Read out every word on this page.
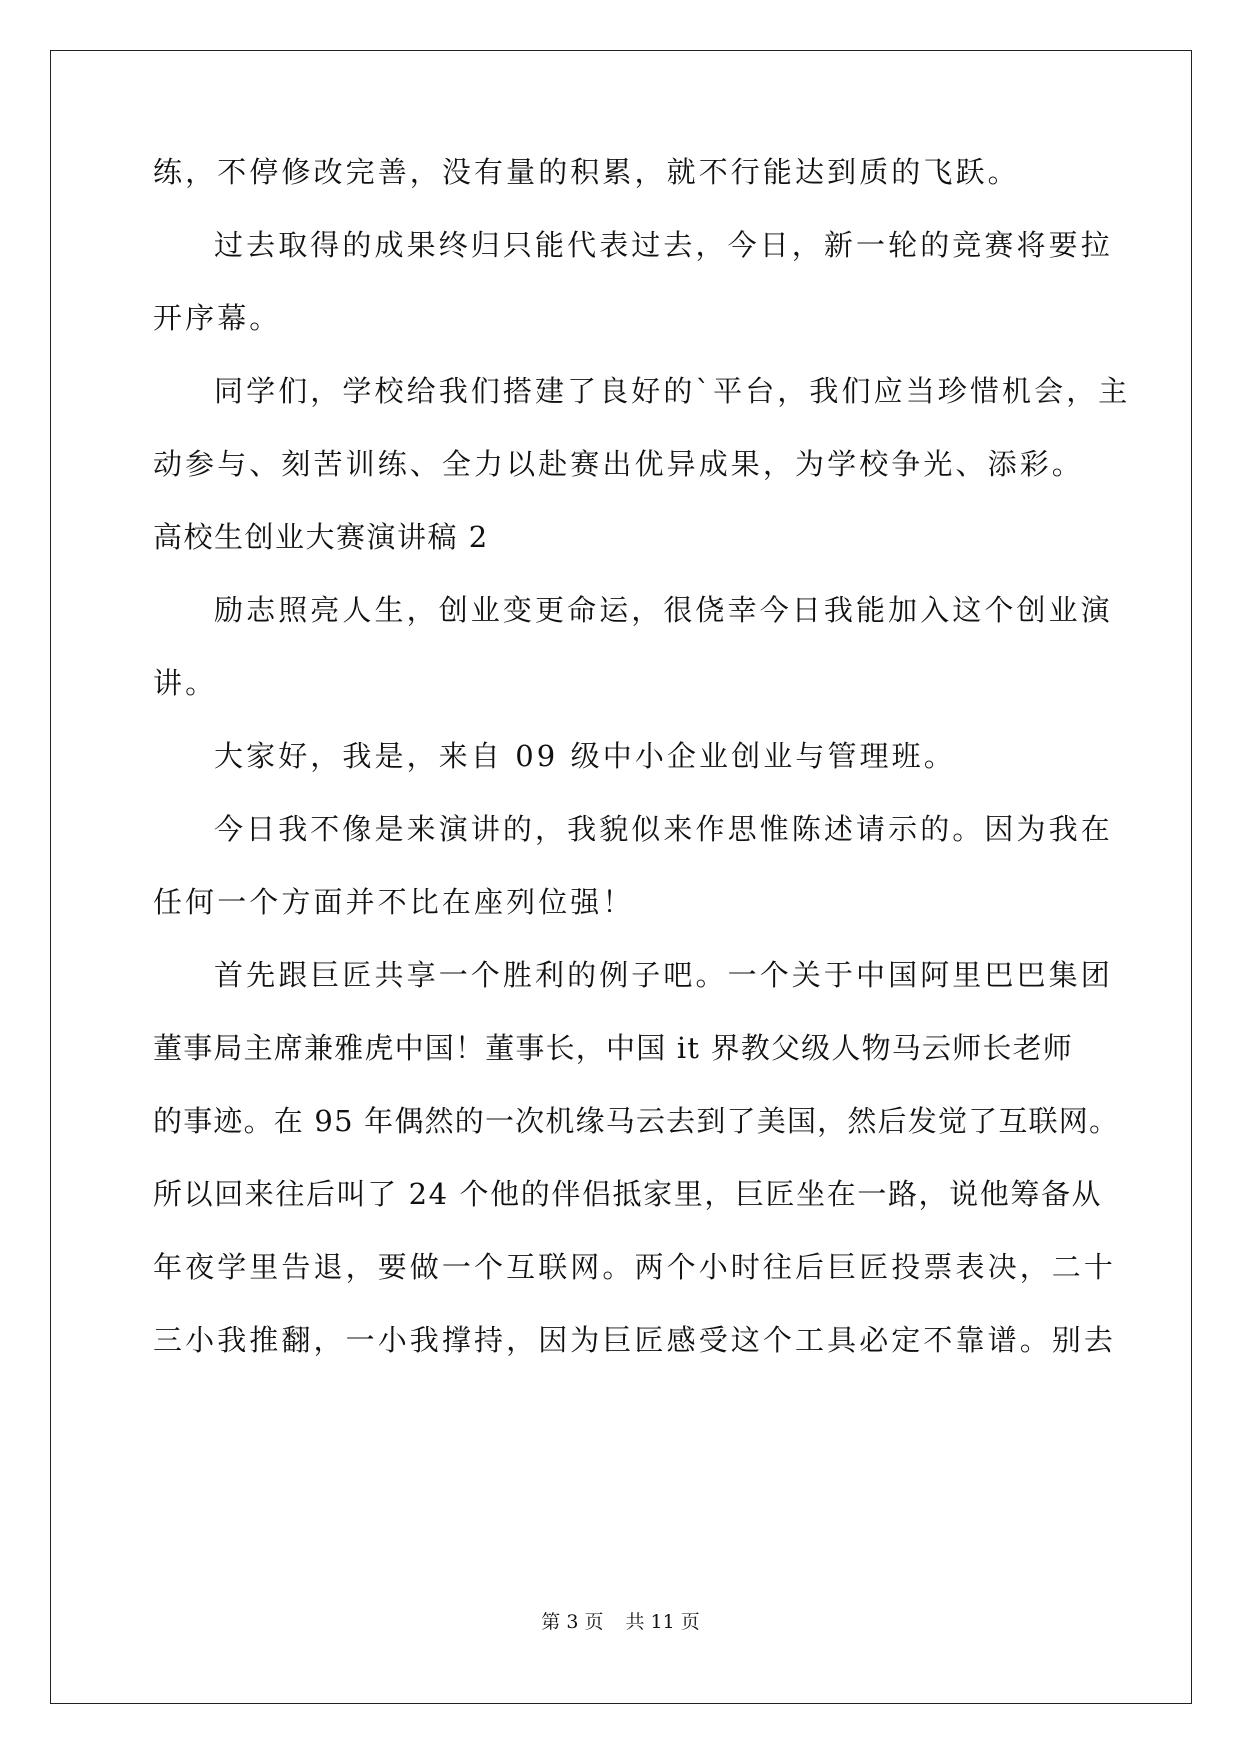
练，不停修改完善，没有量的积累，就不行能达到质的飞跃。
过去取得的成果终归只能代表过去，今日，新一轮的竞赛将要拉
开序幕。
同学们，学校给我们搭建了良好的`平台，我们应当珍惜机会，主
动参与、刻苦训练、全力以赴赛出优异成果，为学校争光、添彩。
高校生创业大赛演讲稿 2
励志照亮人生，创业变更命运，很侥幸今日我能加入这个创业演
讲。
大家好，我是，来自 09 级中小企业创业与管理班。
今日我不像是来演讲的，我貌似来作思惟陈述请示的。因为我在
任何一个方面并不比在座列位强！
首先跟巨匠共享一个胜利的例子吧。一个关于中国阿里巴巴集团
董事局主席兼雅虎中国！董事长，中国 it 界教父级人物马云师长老师
的事迹。在 95 年偶然的一次机缘马云去到了美国，然后发觉了互联网。
所以回来往后叫了 24 个他的伴侣抵家里，巨匠坐在一路，说他筹备从
年夜学里告退，要做一个互联网。两个小时往后巨匠投票表决，二十
三小我推翻，一小我撑持，因为巨匠感受这个工具必定不靠谱。别去
第 3 页 共 11 页
